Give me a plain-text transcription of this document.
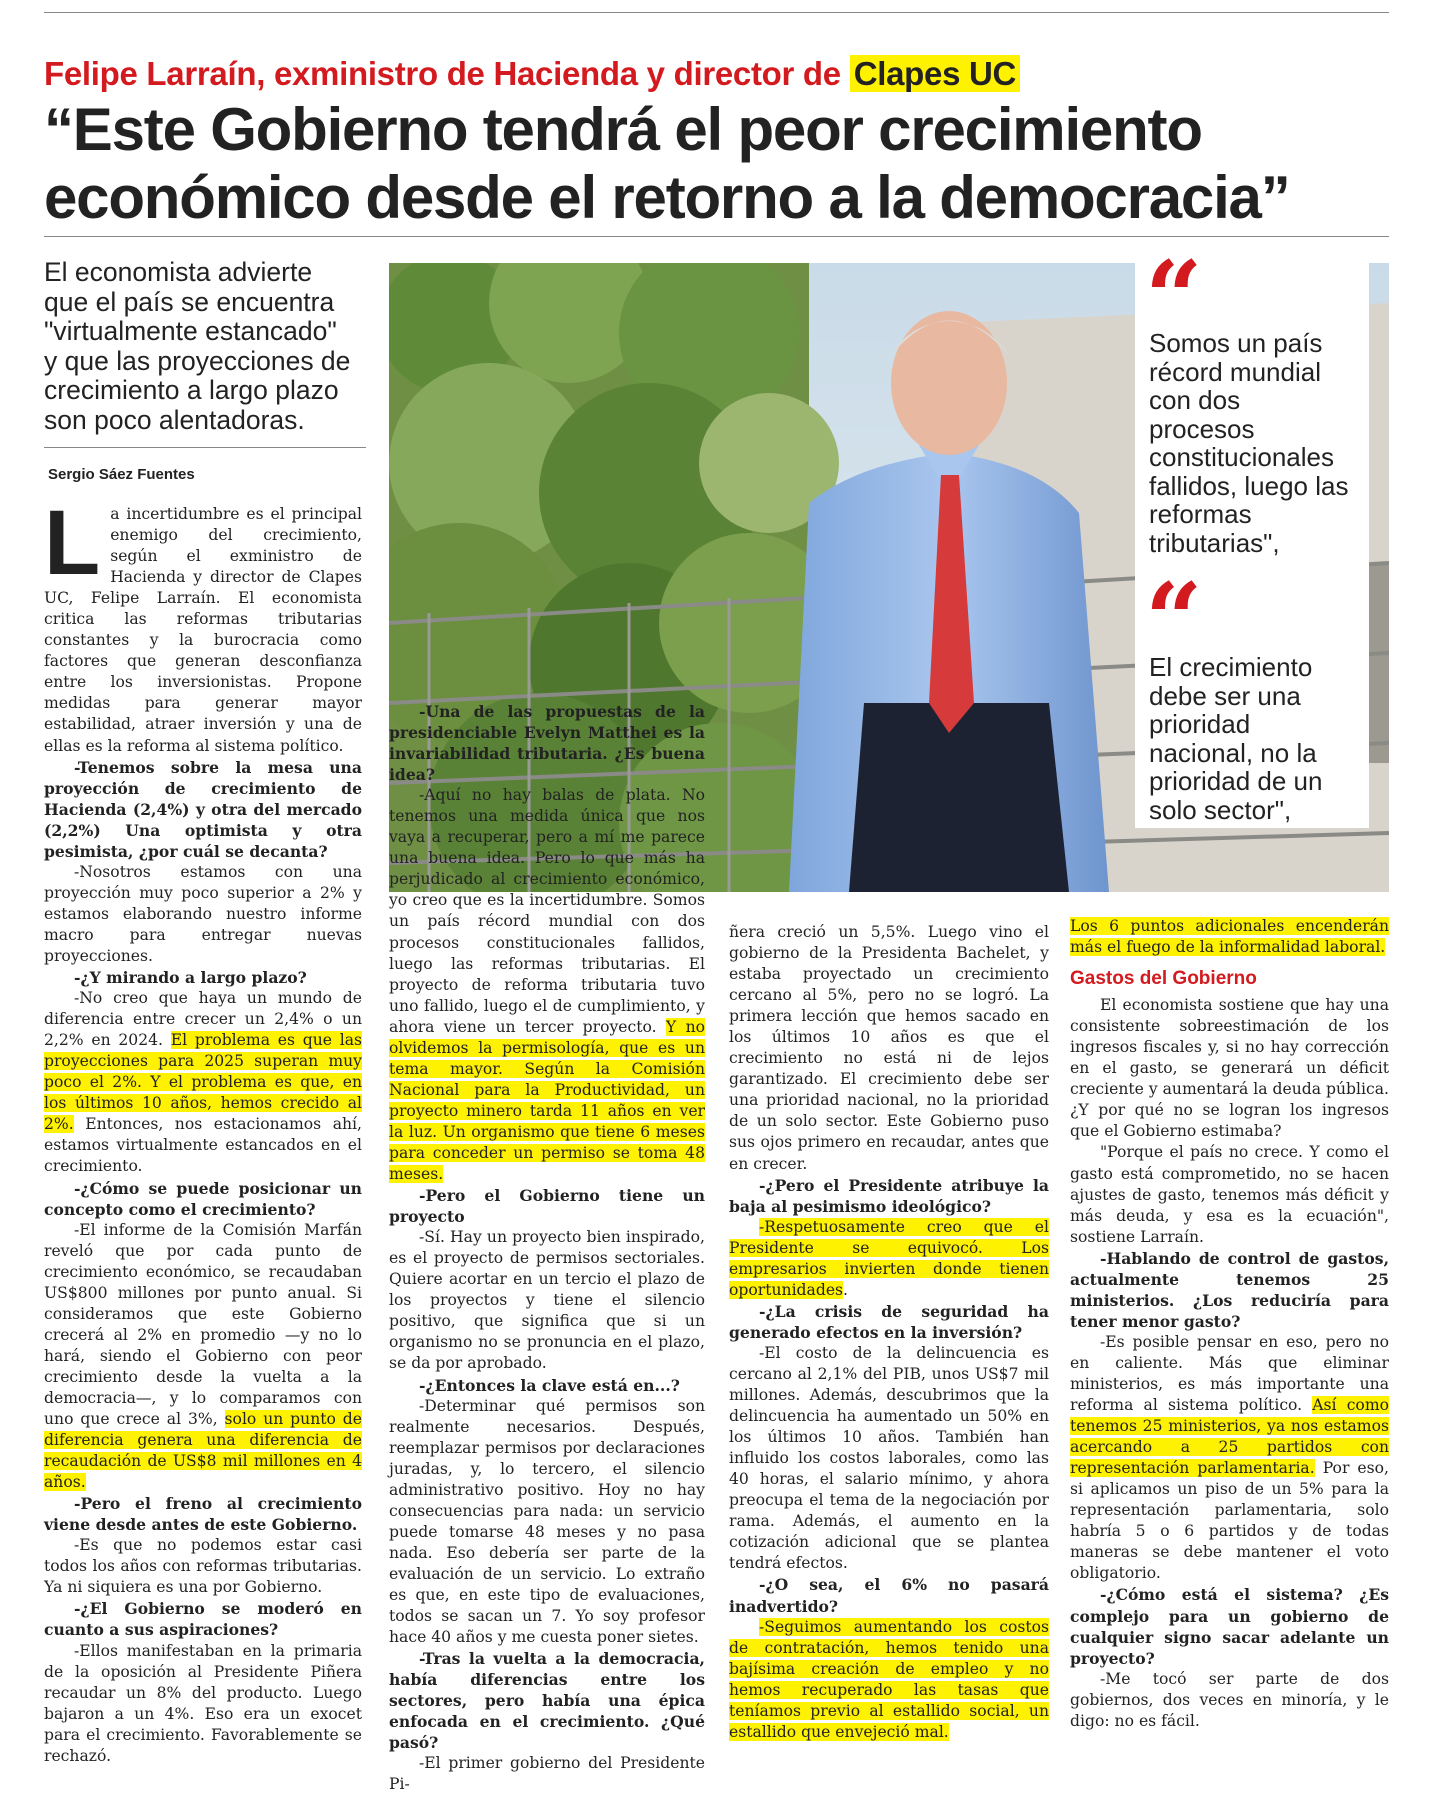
Felipe Larraín, exministro de Hacienda y director de Clapes UC
“Este Gobierno tendrá el peor crecimiento
económico desde el retorno a la democracia”
El economista advierte
que el país se encuentra
"virtualmente estancado"
y que las proyecciones de
crecimiento a largo plazo
son poco alentadoras.
Sergio Sáez Fuentes
“
Somos un país
récord mundial
con dos
procesos
constitucionales
fallidos, luego las
reformas
tributarias",
“
El crecimiento
debe ser una
prioridad
nacional, no la
prioridad de un
solo sector",

La incertidumbre es el principal enemigo del crecimiento, según el exministro de Hacienda y director de Clapes UC, Felipe Larraín. El economista critica las reformas tributarias constantes y la burocracia como factores que generan desconfianza entre los inversionistas. Propone medidas para generar mayor estabilidad, atraer inversión y una de ellas es la reforma al sistema político.

-Tenemos sobre la mesa una proyección de crecimiento de Hacienda (2,4%) y otra del mercado (2,2%) Una optimista y otra pesimista, ¿por cuál se decanta?

-Nosotros estamos con una proyección muy poco superior a 2% y estamos elaborando nuestro informe macro para entregar nuevas proyecciones.

-¿Y mirando a largo plazo?

-No creo que haya un mundo de diferencia entre crecer un 2,4% o un 2,2% en 2024. El problema es que las proyecciones para 2025 superan muy poco el 2%. Y el problema es que, en los últimos 10 años, hemos crecido al 2%. Entonces, nos estacionamos ahí, estamos virtualmente estancados en el crecimiento.

-¿Cómo se puede posicionar un concepto como el crecimiento?

-El informe de la Comisión Marfán reveló que por cada punto de crecimiento económico, se recaudaban US$800 millones por punto anual. Si consideramos que este Gobierno crecerá al 2% en promedio —y no lo hará, siendo el Gobierno con peor crecimiento desde la vuelta a la democracia—, y lo comparamos con uno que crece al 3%, solo un punto de diferencia genera una diferencia de recaudación de US$8 mil millones en 4 años.

-Pero el freno al crecimiento viene desde antes de este Gobierno.

-Es que no podemos estar casi todos los años con reformas tributarias. Ya ni siquiera es una por Gobierno.

-¿El Gobierno se moderó en cuanto a sus aspiraciones?

-Ellos manifestaban en la primaria de la oposición al Presidente Piñera recaudar un 8% del producto. Luego bajaron a un 4%. Eso era un exocet para el crecimiento. Favorablemente se rechazó.

-Una de las propuestas de la presidenciable Evelyn Matthei es la invariabilidad tributaria. ¿Es buena idea?

-Aquí no hay balas de plata. No tenemos una medida única que nos vaya a recuperar, pero a mí me parece una buena idea. Pero lo que más ha perjudicado al crecimiento económico, yo creo que es la incertidumbre. Somos un país récord mundial con dos procesos constitucionales fallidos, luego las reformas tributarias. El proyecto de reforma tributaria tuvo uno fallido, luego el de cumplimiento, y ahora viene un tercer proyecto. Y no olvidemos la permisología, que es un tema mayor. Según la Comisión Nacional para la Productividad, un proyecto minero tarda 11 años en ver la luz. Un organismo que tiene 6 meses para conceder un permiso se toma 48 meses.

-Pero el Gobierno tiene un proyecto

-Sí. Hay un proyecto bien inspirado, es el proyecto de permisos sectoriales. Quiere acortar en un tercio el plazo de los proyectos y tiene el silencio positivo, que significa que si un organismo no se pronuncia en el plazo, se da por aprobado.

-¿Entonces la clave está en...?

-Determinar qué permisos son realmente necesarios. Después, reemplazar permisos por declaraciones juradas, y, lo tercero, el silencio administrativo positivo. Hoy no hay consecuencias para nada: un servicio puede tomarse 48 meses y no pasa nada. Eso debería ser parte de la evaluación de un servicio. Lo extraño es que, en este tipo de evaluaciones, todos se sacan un 7. Yo soy profesor hace 40 años y me cuesta poner sietes.

-Tras la vuelta a la democracia, había diferencias entre los sectores, pero había una épica enfocada en el crecimiento. ¿Qué pasó?

-El primer gobierno del Presidente Pi-

ñera creció un 5,5%. Luego vino el gobierno de la Presidenta Bachelet, y estaba proyectado un crecimiento cercano al 5%, pero no se logró. La primera lección que hemos sacado en los últimos 10 años es que el crecimiento no está ni de lejos garantizado. El crecimiento debe ser una prioridad nacional, no la prioridad de un solo sector. Este Gobierno puso sus ojos primero en recaudar, antes que en crecer.

-¿Pero el Presidente atribuye la baja al pesimismo ideológico?

-Respetuosamente creo que el Presidente se equivocó. Los empresarios invierten donde tienen oportunidades.

-¿La crisis de seguridad ha generado efectos en la inversión?

-El costo de la delincuencia es cercano al 2,1% del PIB, unos US$7 mil millones. Además, descubrimos que la delincuencia ha aumentado un 50% en los últimos 10 años. También han influido los costos laborales, como las 40 horas, el salario mínimo, y ahora preocupa el tema de la negociación por rama. Además, el aumento en la cotización adicional que se plantea tendrá efectos.

-¿O sea, el 6% no pasará inadvertido?

-Seguimos aumentando los costos de contratación, hemos tenido una bajísima creación de empleo y no hemos recuperado las tasas que teníamos previo al estallido social, un estallido que envejeció mal.

Los 6 puntos adicionales encenderán más el fuego de la informalidad laboral.

Gastos del Gobierno

El economista sostiene que hay una consistente sobreestimación de los ingresos fiscales y, si no hay corrección en el gasto, se generará un déficit creciente y aumentará la deuda pública. ¿Y por qué no se logran los ingresos que el Gobierno estimaba?

"Porque el país no crece. Y como el gasto está comprometido, no se hacen ajustes de gasto, tenemos más déficit y más deuda, y esa es la ecuación", sostiene Larraín.

-Hablando de control de gastos, actualmente tenemos 25 ministerios. ¿Los reduciría para tener menor gasto?

-Es posible pensar en eso, pero no en caliente. Más que eliminar ministerios, es más importante una reforma al sistema político. Así como tenemos 25 ministerios, ya nos estamos acercando a 25 partidos con representación parlamentaria. Por eso, si aplicamos un piso de un 5% para la representación parlamentaria, solo habría 5 o 6 partidos y de todas maneras se debe mantener el voto obligatorio.

-¿Cómo está el sistema? ¿Es complejo para un gobierno de cualquier signo sacar adelante un proyecto?

-Me tocó ser parte de dos gobiernos, dos veces en minoría, y le digo: no es fácil.
